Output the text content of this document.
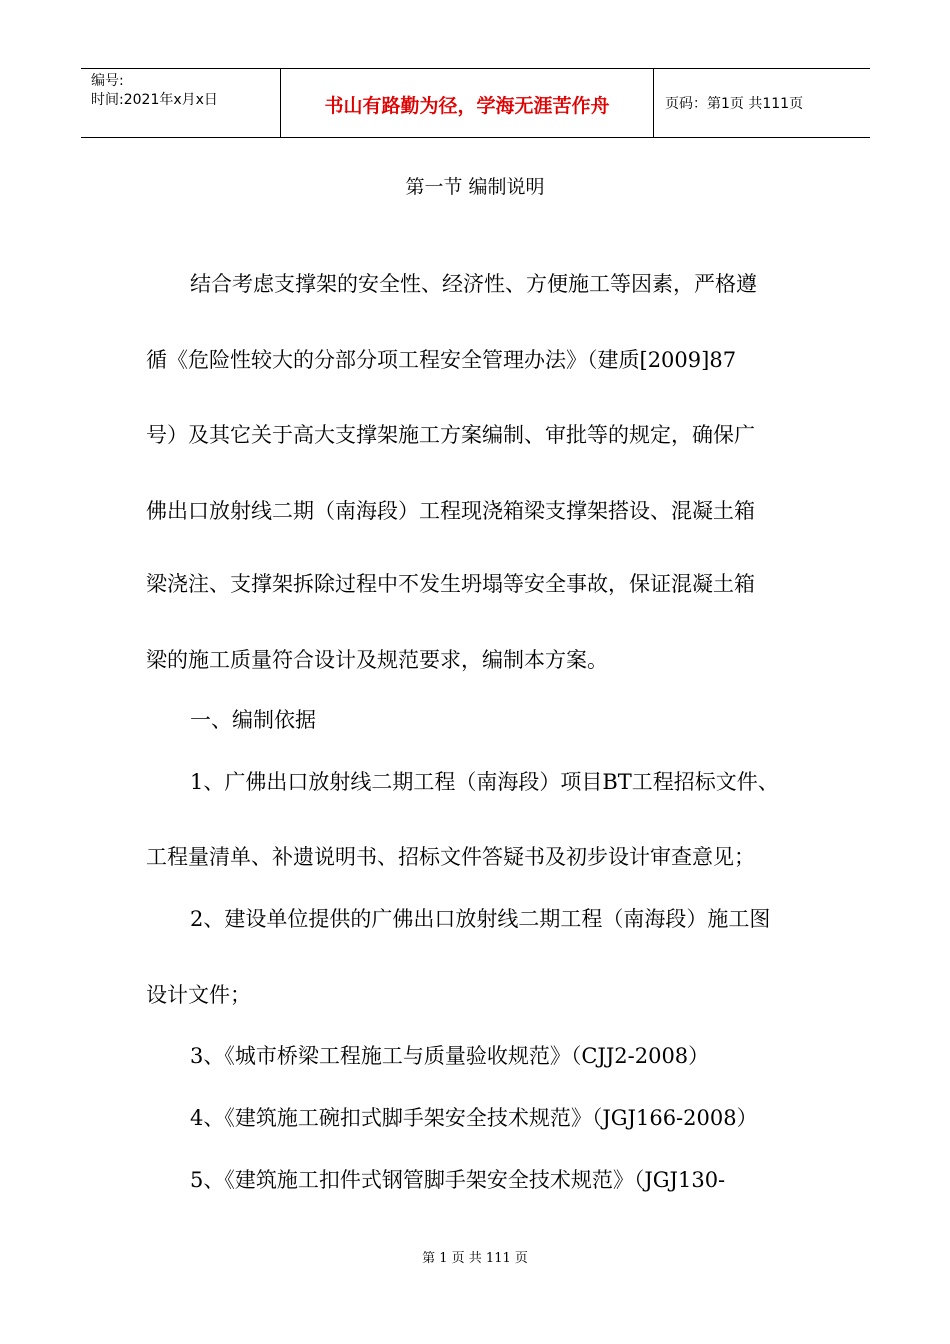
编号:
时间:2021年x月x日	书山有路勤为径，学海无涯苦作舟	页码：第1页 共111页
第一节 编制说明
结合考虑支撑架的安全性、经济性、方便施工等因素，严格遵
循《危险性较大的分部分项工程安全管理办法》（建质[2009]87
号）及其它关于高大支撑架施工方案编制、审批等的规定，确保广
佛出口放射线二期（南海段）工程现浇箱梁支撑架搭设、混凝土箱
梁浇注、支撑架拆除过程中不发生坍塌等安全事故，保证混凝土箱
梁的施工质量符合设计及规范要求，编制本方案。
一、编制依据
1、广佛出口放射线二期工程（南海段）项目BT工程招标文件、
工程量清单、补遗说明书、招标文件答疑书及初步设计审查意见；
2、建设单位提供的广佛出口放射线二期工程（南海段）施工图
设计文件；
3、《城市桥梁工程施工与质量验收规范》（CJJ2-2008）
4、《建筑施工碗扣式脚手架安全技术规范》（JGJ166-2008）
5、《建筑施工扣件式钢管脚手架安全技术规范》（JGJ130-
第 1 页 共 111 页
